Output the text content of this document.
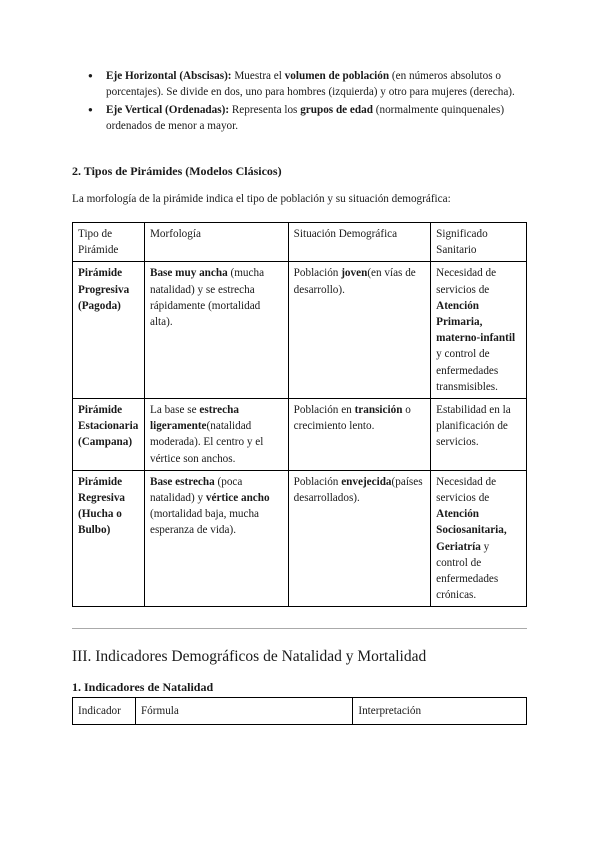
● Eje Horizontal (Abscisas): Muestra el volumen de población (en números absolutos o porcentajes). Se divide en dos, uno para hombres (izquierda) y otro para mujeres (derecha).
● Eje Vertical (Ordenadas): Representa los grupos de edad (normalmente quinquenales) ordenados de menor a mayor.
2. Tipos de Pirámides (Modelos Clásicos)
La morfología de la pirámide indica el tipo de población y su situación demográfica:
Tipo de Pirámide	Morfología	Situación Demográfica	Significado Sanitario
Pirámide Progresiva (Pagoda)	Base muy ancha (mucha natalidad) y se estrecha rápidamente (mortalidad alta).	Población joven(en vías de desarrollo).	Necesidad de servicios de Atención Primaria, materno-infantil y control de enfermedades transmisibles.
Pirámide Estacionaria (Campana)	La base se estrecha ligeramente(natalidad moderada). El centro y el vértice son anchos.	Población en transición o crecimiento lento.	Estabilidad en la planificación de servicios.
Pirámide Regresiva (Hucha o Bulbo)	Base estrecha (poca natalidad) y vértice ancho (mortalidad baja, mucha esperanza de vida).	Población envejecida(países desarrollados).	Necesidad de servicios de Atención Sociosanitaria, Geriatría y control de enfermedades crónicas.
III. Indicadores Demográficos de Natalidad y Mortalidad
1. Indicadores de Natalidad
Indicador	Fórmula	Interpretación
